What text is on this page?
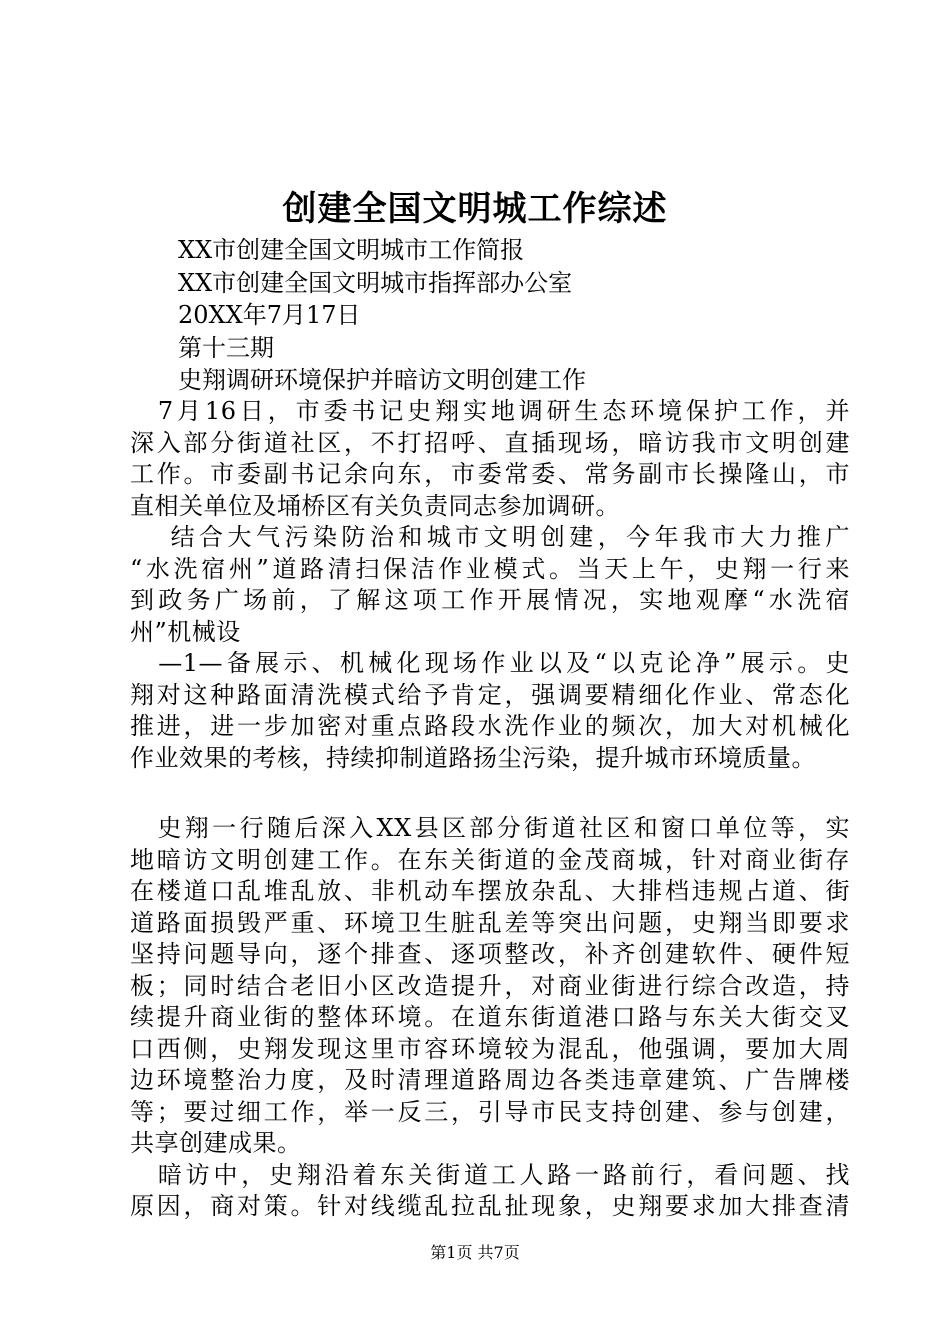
创建全国文明城工作综述
XX市创建全国文明城市工作简报
XX市创建全国文明城市指挥部办公室
20XX年7月17日
第十三期
史翔调研环境保护并暗访文明创建工作
　7月16日，市委书记史翔实地调研生态环境保护工作，并
深入部分街道社区，不打招呼、直插现场，暗访我市文明创建
工作。市委副书记余向东，市委常委、常务副市长操隆山，市
直相关单位及埇桥区有关负责同志参加调研。
　 结合大气污染防治和城市文明创建，今年我市大力推广
“水洗宿州”道路清扫保洁作业模式。当天上午，史翔一行来
到政务广场前，了解这项工作开展情况，实地观摩“水洗宿
州”机械设
　—1—备展示、机械化现场作业以及“以克论净”展示。史
翔对这种路面清洗模式给予肯定，强调要精细化作业、常态化
推进，进一步加密对重点路段水洗作业的频次，加大对机械化
作业效果的考核，持续抑制道路扬尘污染，提升城市环境质量。
　史翔一行随后深入XX县区部分街道社区和窗口单位等，实
地暗访文明创建工作。在东关街道的金茂商城，针对商业街存
在楼道口乱堆乱放、非机动车摆放杂乱、大排档违规占道、街
道路面损毁严重、环境卫生脏乱差等突出问题，史翔当即要求
坚持问题导向，逐个排查、逐项整改，补齐创建软件、硬件短
板；同时结合老旧小区改造提升，对商业街进行综合改造，持
续提升商业街的整体环境。在道东街道港口路与东关大街交叉
口西侧，史翔发现这里市容环境较为混乱，他强调，要加大周
边环境整治力度，及时清理道路周边各类违章建筑、广告牌楼
等；要过细工作，举一反三，引导市民支持创建、参与创建，
共享创建成果。
　暗访中，史翔沿着东关街道工人路一路前行，看问题、找
原因，商对策。针对线缆乱拉乱扯现象，史翔要求加大排查清
第1页 共7页
